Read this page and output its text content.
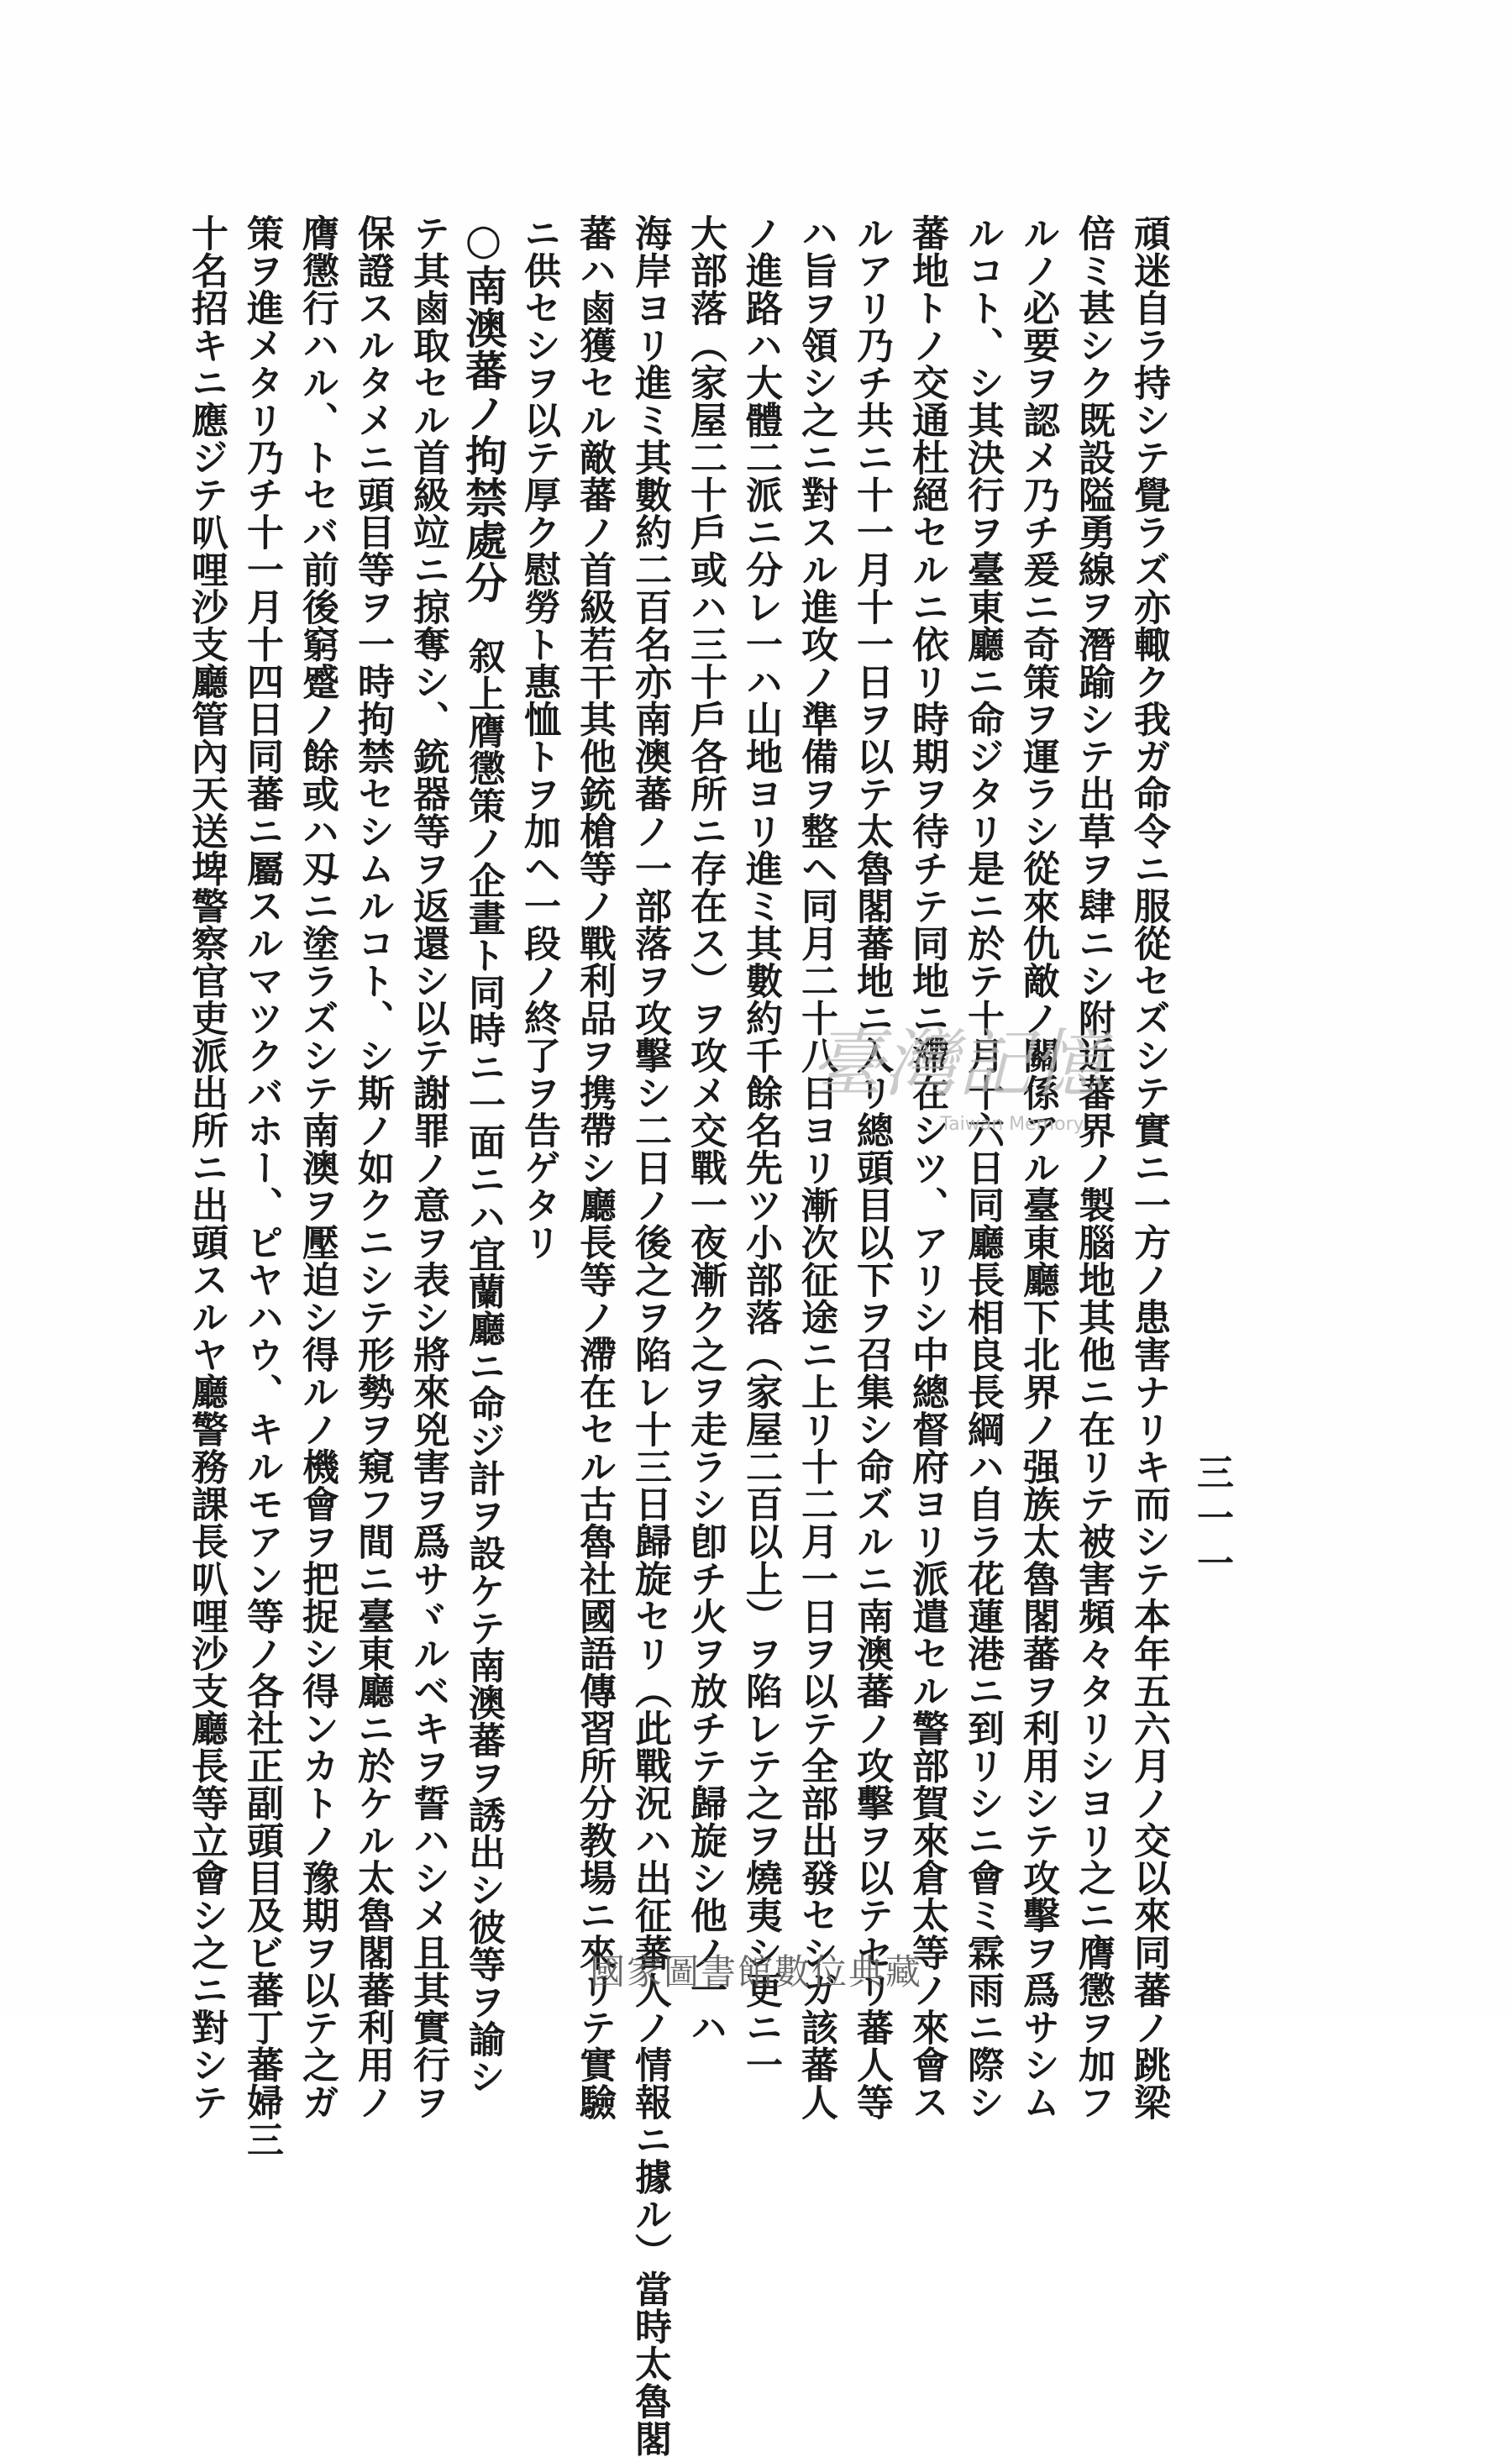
頑迷自ラ持シテ覺ラズ亦輙ク我ガ命令ニ服從セズシテ實ニ一方ノ患害ナリキ而シテ本年五六月ノ交以來同蕃ノ跳梁
倍ミ甚シク既設隘勇線ヲ潛踰シテ出草ヲ肆ニシ附近蕃界ノ製腦地其他ニ在リテ被害頻々タリシヨリ之ニ膺懲ヲ加フ
ルノ必要ヲ認メ乃チ爰ニ奇策ヲ運ラシ從來仇敵ノ關係アル臺東廳下北界ノ强族太魯閣蕃ヲ利用シテ攻擊ヲ爲サシム
ルコト、シ其決行ヲ臺東廳ニ命ジタリ是ニ於テ十月十六日同廳長相良長綱ハ自ラ花蓮港ニ到リシニ會ミ霖雨ニ際シ
蕃地トノ交通杜絕セルニ依リ時期ヲ待チテ同地ニ滯在シツ、アリシ中總督府ヨリ派遣セル警部賀來倉太等ノ來會ス
ルアリ乃チ共ニ十一月十一日ヲ以テ太魯閣蕃地ニ入リ總頭目以下ヲ召集シ命ズルニ南澳蕃ノ攻擊ヲ以テセリ蕃人等
ハ旨ヲ領シ之ニ對スル進攻ノ準備ヲ整ヘ同月二十八日ヨリ漸次征途ニ上リ十二月一日ヲ以テ全部出發セシガ該蕃人
ノ進路ハ大體二派ニ分レ一ハ山地ヨリ進ミ其數約千餘名先ツ小部落（家屋二百以上）ヲ陷レテ之ヲ燒夷シ更ニ一
大部落（家屋二十戶或ハ三十戶各所ニ存在ス）ヲ攻メ交戰一夜漸ク之ヲ走ラシ卽チ火ヲ放チテ歸旋シ他ノ一ハ
海岸ヨリ進ミ其數約二百名亦南澳蕃ノ一部落ヲ攻擊シ二日ノ後之ヲ陷レ十三日歸旋セリ（此戰況ハ出征蕃人ノ情報ニ據ル）當時太魯閣
蕃ハ鹵獲セル敵蕃ノ首級若干其他銃槍等ノ戰利品ヲ携帶シ廳長等ノ滯在セル古魯社國語傳習所分教場ニ來リテ實驗
ニ供セシヲ以テ厚ク慰勞ト惠恤トヲ加ヘ一段ノ終了ヲ告ゲタリ
○南澳蕃ノ拘禁處分叙上膺懲策ノ企畫ト同時ニ一面ニハ宜蘭廳ニ命ジ計ヲ設ケテ南澳蕃ヲ誘出シ彼等ヲ諭シ
テ其鹵取セル首級竝ニ掠奪シ、銃器等ヲ返還シ以テ謝罪ノ意ヲ表シ將來兇害ヲ爲サヾルベキヲ誓ハシメ且其實行ヲ
保證スルタメニ頭目等ヲ一時拘禁セシムルコト、シ斯ノ如クニシテ形勢ヲ窺フ間ニ臺東廳ニ於ケル太魯閣蕃利用ノ
膺懲行ハル、トセバ前後窮蹙ノ餘或ハ刄ニ塗ラズシテ南澳ヲ壓迫シ得ルノ機會ヲ把捉シ得ンカトノ豫期ヲ以テ之ガ
策ヲ進メタリ乃チ十一月十四日同蕃ニ屬スルマツクバホー、ピヤハウ、キルモアン等ノ各社正副頭目及ビ蕃丁蕃婦三
十名招キニ應ジテ叭哩沙支廳管內天送埤警察官吏派出所ニ出頭スルヤ廳警務課長叭哩沙支廳長等立會シ之ニ對シテ	三一一
臺灣記憶
Taiwan Memory
國家圖書館數位典藏
